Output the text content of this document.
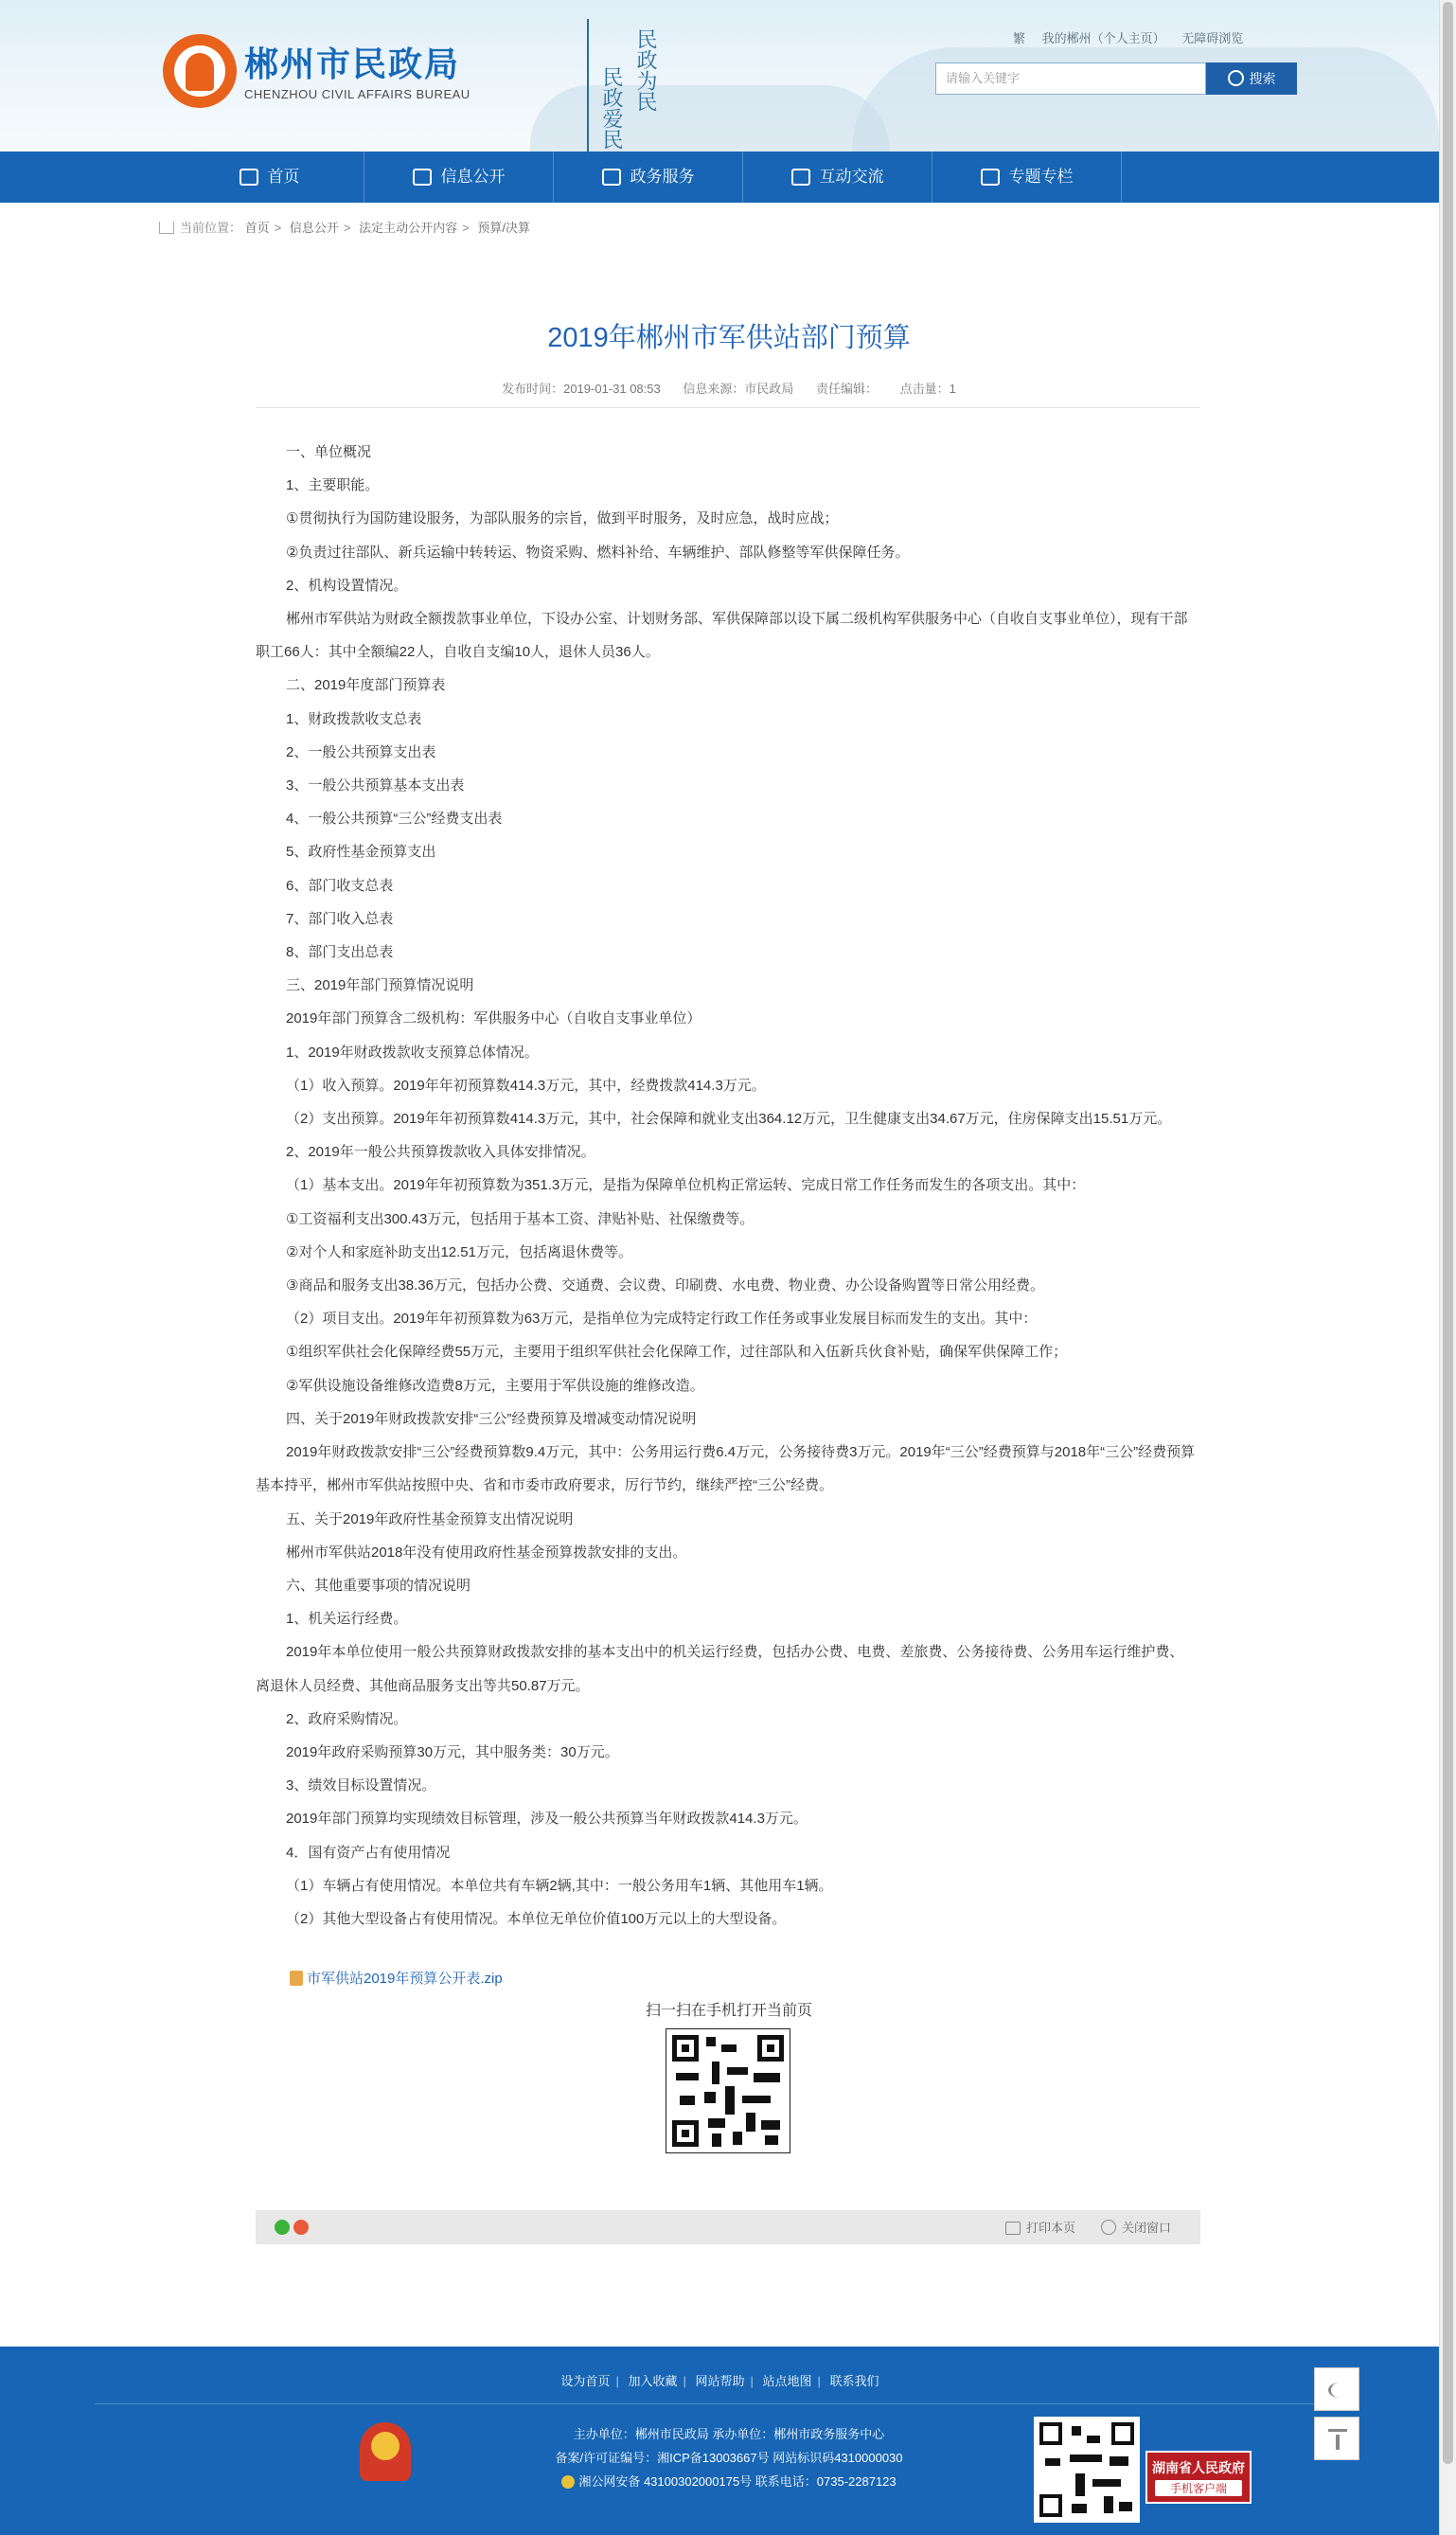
郴州市民政局
CHENZHOU CIVIL AFFAIRS BUREAU	民政爱民 民政为民	繁 我的郴州（个人主页） 无障碍浏览
请输入关键字	搜索
首页	信息公开	政务服务	互动交流	专题专栏
当前位置： 首页 > 信息公开 > 法定主动公开内容 > 预算/决算
2019年郴州市军供站部门预算
发布时间：2019-01-31 08:53 信息来源：市民政局 责任编辑： 点击量：1

一、单位概况

1、主要职能。

①贯彻执行为国防建设服务，为部队服务的宗旨，做到平时服务，及时应急，战时应战；

②负责过往部队、新兵运输中转转运、物资采购、燃料补给、车辆维护、部队修整等军供保障任务。

2、机构设置情况。

郴州市军供站为财政全额拨款事业单位，下设办公室、计划财务部、军供保障部以设下属二级机构军供服务中心（自收自支事业单位），现有干部职工66人：其中全额编22人，自收自支编10人，退休人员36人。

二、2019年度部门预算表

1、财政拨款收支总表

2、一般公共预算支出表

3、一般公共预算基本支出表

4、一般公共预算“三公”经费支出表

5、政府性基金预算支出

6、部门收支总表

7、部门收入总表

8、部门支出总表

三、2019年部门预算情况说明

2019年部门预算含二级机构：军供服务中心（自收自支事业单位）

1、2019年财政拨款收支预算总体情况。

（1）收入预算。2019年年初预算数414.3万元，其中，经费拨款414.3万元。

（2）支出预算。2019年年初预算数414.3万元，其中，社会保障和就业支出364.12万元，卫生健康支出34.67万元，住房保障支出15.51万元。

2、2019年一般公共预算拨款收入具体安排情况。

（1）基本支出。2019年年初预算数为351.3万元，是指为保障单位机构正常运转、完成日常工作任务而发生的各项支出。其中：

①工资福利支出300.43万元，包括用于基本工资、津贴补贴、社保缴费等。

②对个人和家庭补助支出12.51万元，包括离退休费等。

③商品和服务支出38.36万元，包括办公费、交通费、会议费、印刷费、水电费、物业费、办公设备购置等日常公用经费。

（2）项目支出。2019年年初预算数为63万元，是指单位为完成特定行政工作任务或事业发展目标而发生的支出。其中：

①组织军供社会化保障经费55万元，主要用于组织军供社会化保障工作，过往部队和入伍新兵伙食补贴，确保军供保障工作；

②军供设施设备维修改造费8万元，主要用于军供设施的维修改造。

四、关于2019年财政拨款安排“三公”经费预算及增减变动情况说明

2019年财政拨款安排“三公”经费预算数9.4万元，其中：公务用运行费6.4万元，公务接待费3万元。2019年“三公”经费预算与2018年“三公”经费预算基本持平，郴州市军供站按照中央、省和市委市政府要求，厉行节约，继续严控“三公”经费。

五、关于2019年政府性基金预算支出情况说明

郴州市军供站2018年没有使用政府性基金预算拨款安排的支出。

六、其他重要事项的情况说明

1、机关运行经费。

2019年本单位使用一般公共预算财政拨款安排的基本支出中的机关运行经费，包括办公费、电费、差旅费、公务接待费、公务用车运行维护费、离退休人员经费、其他商品服务支出等共50.87万元。

2、政府采购情况。

2019年政府采购预算30万元，其中服务类：30万元。

3、绩效目标设置情况。

2019年部门预算均实现绩效目标管理，涉及一般公共预算当年财政拨款414.3万元。

4．国有资产占有使用情况

（1）车辆占有使用情况。本单位共有车辆2辆,其中：一般公务用车1辆、其他用车1辆。

（2）其他大型设备占有使用情况。本单位无单位价值100万元以上的大型设备。

市军供站2019年预算公开表.zip
扫一扫在手机打开当前页
打印本页	关闭窗口
设为首页 | 加入收藏 | 网站帮助 | 站点地图 | 联系我们
主办单位：郴州市民政局 承办单位：郴州市政务服务中心
备案/许可证编号：湘ICP备13003667号 网站标识码4310000030
湘公网安备 43100302000175号 联系电话：0735-2287123
湖南省人民政府
手机客户端
